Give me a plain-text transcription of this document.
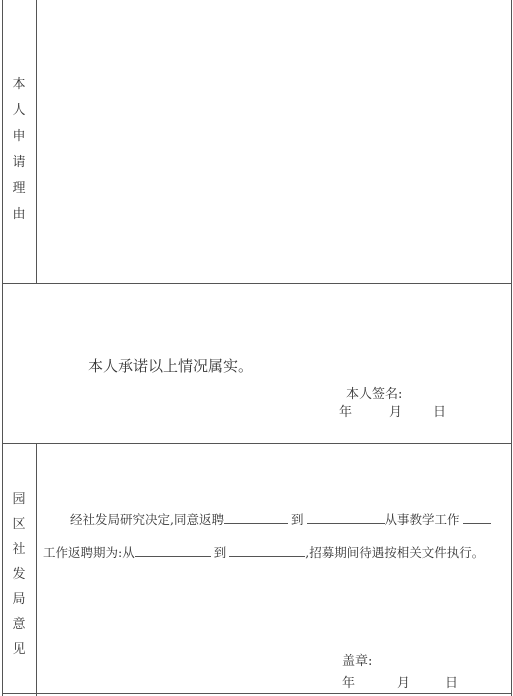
本
人
申
请
理
由
本人承诺以上情况属实。
本人签名:
年	月 日
园
区
社
发
局
意
见
经社发局研究决定,同意返聘	到	从事教学工作
工作返聘期为:从	到	,招募期间待遇按相关文件执行。
盖章:
年	月	日
